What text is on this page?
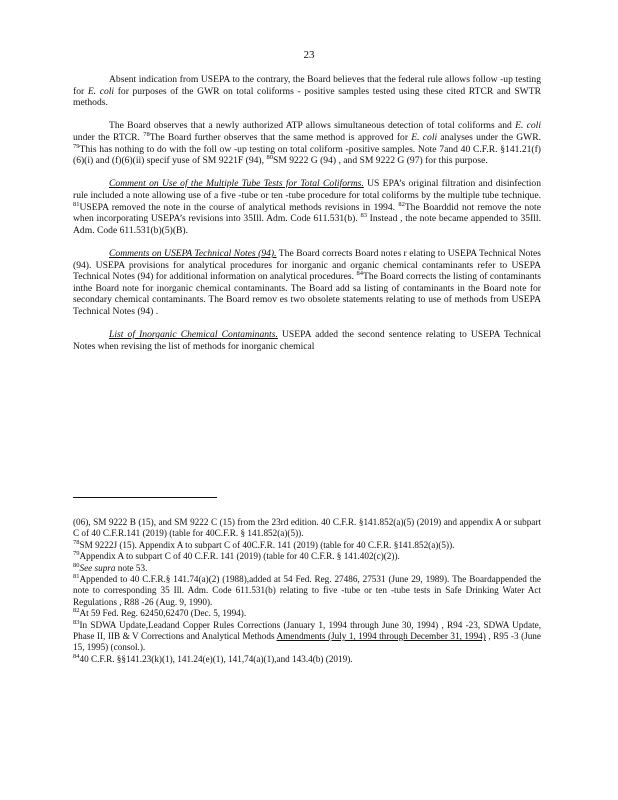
23

Absent indication from USEPA to the contrary, the Board believes that the federal rule allows follow -up testing for E. coli for purposes of the GWR on total coliforms - positive samples tested using these cited RTCR and SWTR methods.

The Board observes that a newly authorized ATP allows simultaneous detection of total coliforms and E. coli under the RTCR. $^{78}$The Board further observes that the same method is approved for E. coli analyses under the GWR. $^{79}$This has nothing to do with the foll ow -up testing on total coliform -positive samples. Note 7and 40 C.F.R. §141.21(f)(6)(i) and (f)(6)(ii) specif yuse of SM 9221F (94), $^{80}$SM 9222 G (94) , and SM 9222 G (97) for this purpose.

Comment on Use of the Multiple Tube Tests for Total Coliforms. US EPA’s original filtration and disinfection rule included a note allowing use of a five -tube or ten -tube procedure for total coliforms by the multiple tube technique. $^{81}$USEPA removed the note in the course of analytical methods revisions in 1994. $^{82}$The Boarddid not remove the note when incorporating USEPA’s revisions into 35Ill. Adm. Code 611.531(b). $^{83}$ Instead , the note became appended to 35Ill. Adm. Code 611.531(b)(5)(B).

Comments on USEPA Technical Notes (94). The Board corrects Board notes r elating to USEPA Technical Notes (94). USEPA provisions for analytical procedures for inorganic and organic chemical contaminants refer to USEPA Technical Notes (94) for additional information on analytical procedures. $^{84}$The Board corrects the listing of contaminants inthe Board note for inorganic chemical contaminants. The Board add sa listing of contaminants in the Board note for secondary chemical contaminants. The Board remov es two obsolete statements relating to use of methods from USEPA Technical Notes (94) .

List of Inorganic Chemical Contaminants. USEPA added the second sentence relating to USEPA Technical Notes when revising the list of methods for inorganic chemical

(06), SM 9222 B (15), and SM 9222 C (15) from the 23rd edition. 40 C.F.R. §141.852(a)(5) (2019) and appendix A or subpart C of 40 C.F.R.141 (2019) (table for 40C.F.R. § 141.852(a)(5)).

$^{78}$SM 9222J (15). Appendix A to subpart C of 40C.F.R. 141 (2019) (table for 40 C.F.R. §141.852(a)(5)).

$^{79}$Appendix A to subpart C of 40 C.F.R. 141 (2019) (table for 40 C.F.R. § 141.402(c)(2)).

$^{80}$See supra note 53.

$^{81}$Appended to 40 C.F.R.§ 141.74(a)(2) (1988),added at 54 Fed. Reg. 27486, 27531 (June 29, 1989). The Boardappended the note to corresponding 35 Ill. Adm. Code 611.531(b) relating to five -tube or ten -tube tests in Safe Drinking Water Act Regulations , R88 -26 (Aug. 9, 1990).

$^{82}$At 59 Fed. Reg. 62450,62470 (Dec. 5, 1994).

$^{83}$In SDWA Update,Leadand Copper Rules Corrections (January 1, 1994 through June 30, 1994) , R94 -23, SDWA Update, Phase II, IIB & V Corrections and Analytical Methods Amendments (July 1, 1994 through December 31, 1994) , R95 -3 (June 15, 1995) (consol.).

$^{84}$40 C.F.R. §§141.23(k)(1), 141.24(e)(1), 141,74(a)(1),and 143.4(b) (2019).
